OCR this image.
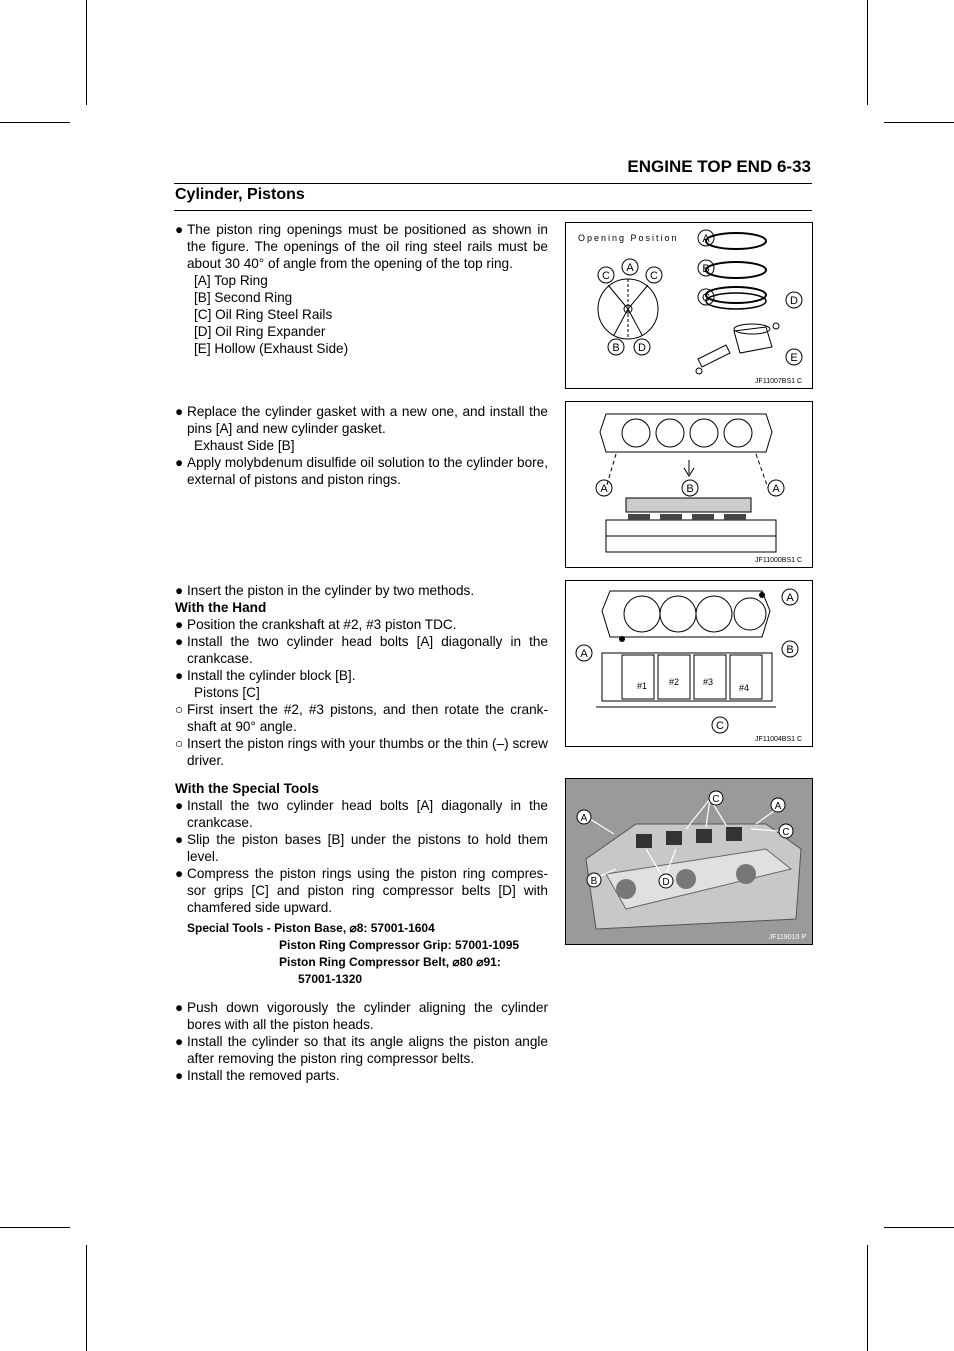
ENGINE TOP END 6-33
Cylinder, Pistons
● The piston ring openings must be positioned as shown in the figure. The openings of the oil ring steel rails must be about 30 40° of angle from the opening of the top ring.
[A] Top Ring
[B] Second Ring
[C] Oil Ring Steel Rails
[D] Oil Ring Expander
[E] Hollow (Exhaust Side)
Opening Position A
B
C	D
E
C
A
C
B D
JF11007BS1 C
● Replace the cylinder gasket with a new one, and install the pins [A] and new cylinder gasket.
Exhaust Side [B]
● Apply molybdenum disulfide oil solution to the cylinder bore, external of pistons and piston rings.
A	B	A
JF11000BS1 C
● Insert the piston in the cylinder by two methods.
With the Hand
● Position the crankshaft at #2, #3 piston TDC.
● Install the two cylinder head bolts [A] diagonally in the crankcase.
● Install the cylinder block [B].
Pistons [C]
○ First insert the #2, #3 pistons, and then rotate the crank-shaft at 90° angle.
○ Insert the piston rings with your thumbs or the thin (–) screw driver.
#1 #2	#3
#4
A
A
B
C
JF11004BS1 C
With the Special Tools
● Install the two cylinder head bolts [A] diagonally in the crankcase.
● Slip the piston bases [B] under the pistons to hold them level.
● Compress the piston rings using the piston ring compres-sor grips [C] and piston ring compressor belts [D] with chamfered side upward.
Special Tools - Piston Base, ⌀8: 57001-1604
Piston Ring Compressor Grip: 57001-1095
Piston Ring Compressor Belt, ⌀80 ⌀91:
57001-1320
A
A
B
C
C
D
JF119010 P
● Push down vigorously the cylinder aligning the cylinder bores with all the piston heads.
● Install the cylinder so that its angle aligns the piston angle after removing the piston ring compressor belts.
● Install the removed parts.
